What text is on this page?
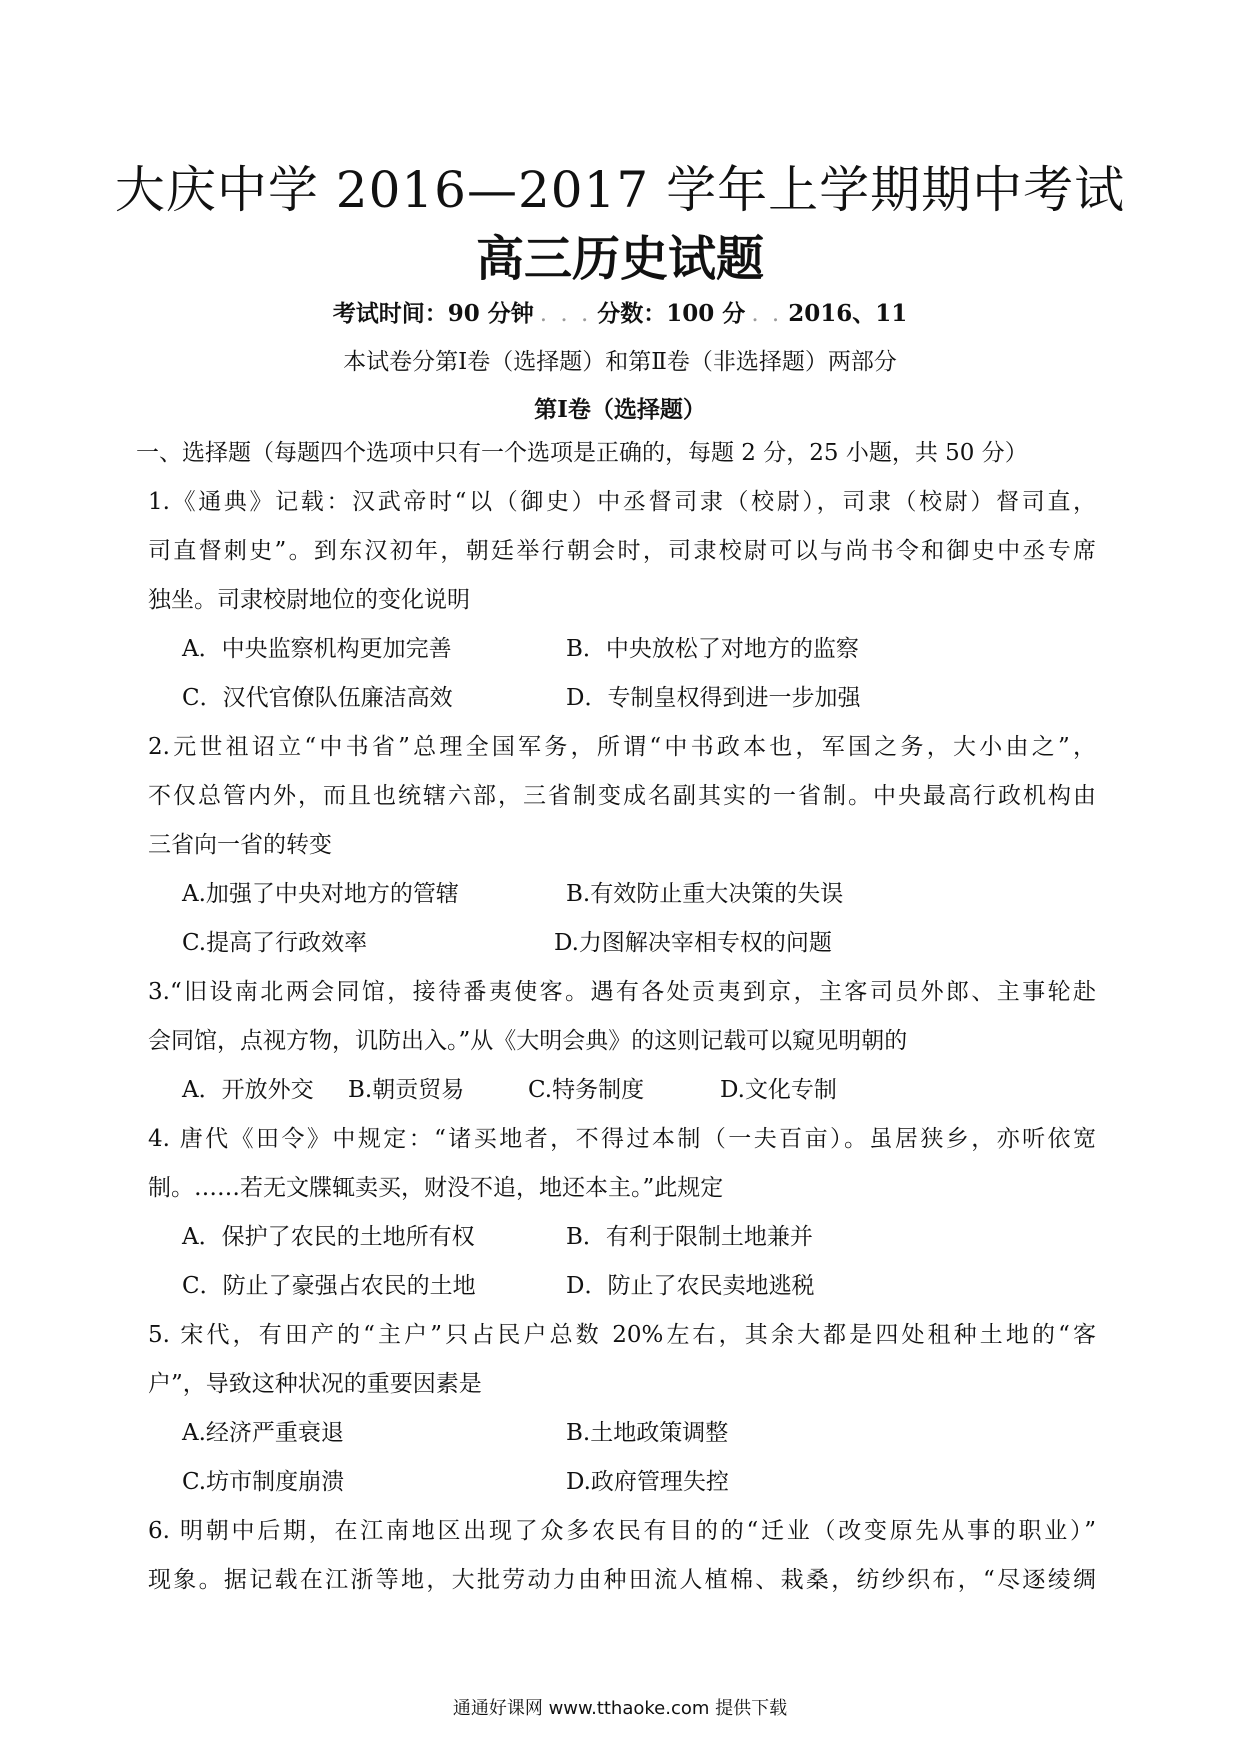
大庆中学 2016—2017 学年上学期期中考试
高三历史试题
考试时间：90 分钟 . . . 分数：100 分 . . 2016、11
本试卷分第Ⅰ卷（选择题）和第Ⅱ卷（非选择题）两部分
第Ⅰ卷（选择题）
一、选择题（每题四个选项中只有一个选项是正确的，每题 2 分，25 小题，共 50 分）
1.《通典》记载：汉武帝时“以（御史）中丞督司隶（校尉），司隶（校尉）督司直，
司直督刺史”。到东汉初年，朝廷举行朝会时，司隶校尉可以与尚书令和御史中丞专席
独坐。司隶校尉地位的变化说明
A．中央监察机构更加完善	B．中央放松了对地方的监察
C．汉代官僚队伍廉洁高效	D．专制皇权得到进一步加强
2.元世祖诏立“中书省”总理全国军务，所谓“中书政本也，军国之务，大小由之”，
不仅总管内外，而且也统辖六部，三省制变成名副其实的一省制。中央最高行政机构由
三省向一省的转变
A.加强了中央对地方的管辖	B.有效防止重大决策的失误
C.提高了行政效率	D.力图解决宰相专权的问题
3.“旧设南北两会同馆，接待番夷使客。遇有各处贡夷到京，主客司员外郎、主事轮赴
会同馆，点视方物，讥防出入。”从《大明会典》的这则记载可以窥见明朝的
A．开放外交 B.朝贡贸易	C.特务制度	D.文化专制
4. 唐代《田令》中规定：“诸买地者，不得过本制（一夫百亩）。虽居狭乡，亦听依宽
制。……若无文牒辄卖买，财没不追，地还本主。”此规定
A．保护了农民的土地所有权	B．有利于限制土地兼并
C．防止了豪强占农民的土地	D．防止了农民卖地逃税
5. 宋代，有田产的“主户”只占民户总数 20%左右，其余大都是四处租种土地的“客
户”，导致这种状况的重要因素是
A.经济严重衰退	B.土地政策调整
C.坊市制度崩溃	D.政府管理失控
6. 明朝中后期，在江南地区出现了众多农民有目的的“迁业（改变原先从事的职业）”
现象。据记载在江浙等地，大批劳动力由种田流人植棉、栽桑，纺纱织布，“尽逐绫绸
通通好课网 www.tthaoke.com 提供下载
